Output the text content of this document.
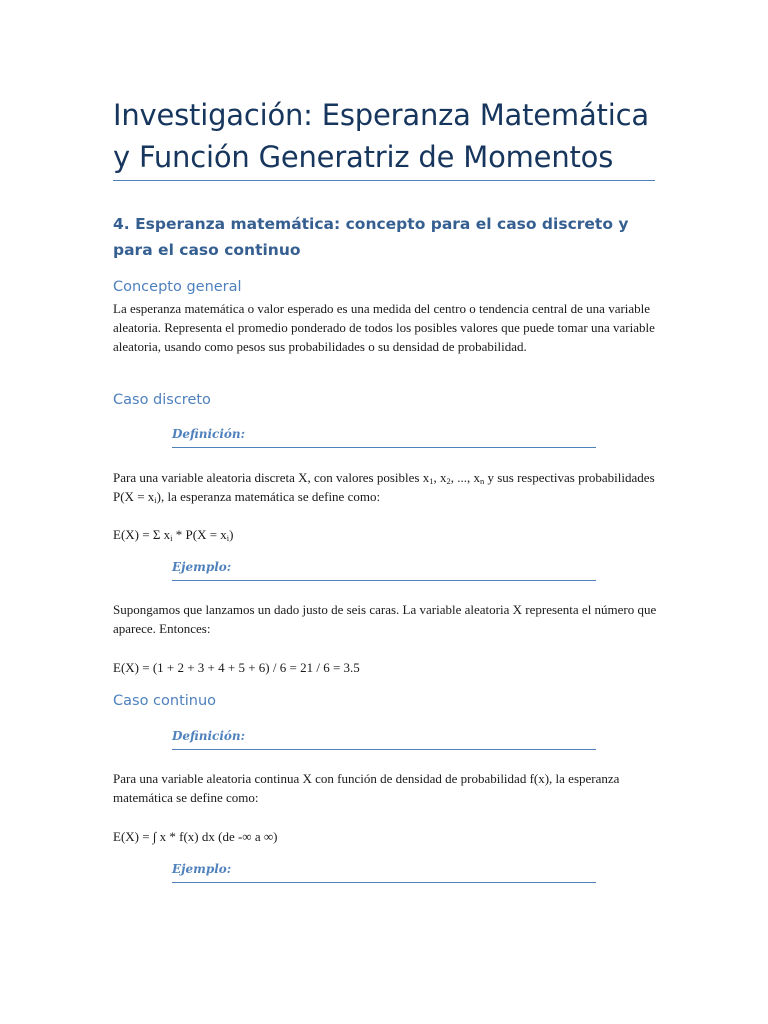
Investigación: Esperanza Matemática y Función Generatriz de Momentos
4. Esperanza matemática: concepto para el caso discreto y para el caso continuo
Concepto general
La esperanza matemática o valor esperado es una medida del centro o tendencia central de una variable aleatoria. Representa el promedio ponderado de todos los posibles valores que puede tomar una variable aleatoria, usando como pesos sus probabilidades o su densidad de probabilidad.
Caso discreto
Definición:
Para una variable aleatoria discreta X, con valores posibles $x_1$, $x_2$, ..., $x_n$ y sus respectivas probabilidades $P(X = x_i)$, la esperanza matemática se define como:
E(X) = Σ $x_i * P(X = x_i)$
Ejemplo:
Supongamos que lanzamos un dado justo de seis caras. La variable aleatoria X representa el número que aparece. Entonces:
E(X) = (1 + 2 + 3 + 4 + 5 + 6) / 6 = 21 / 6 = 3.5
Caso continuo
Definición:
Para una variable aleatoria continua X con función de densidad de probabilidad f(x), la esperanza matemática se define como:
E(X) = ∫ x * f(x) dx (de -∞ a ∞)
Ejemplo:
